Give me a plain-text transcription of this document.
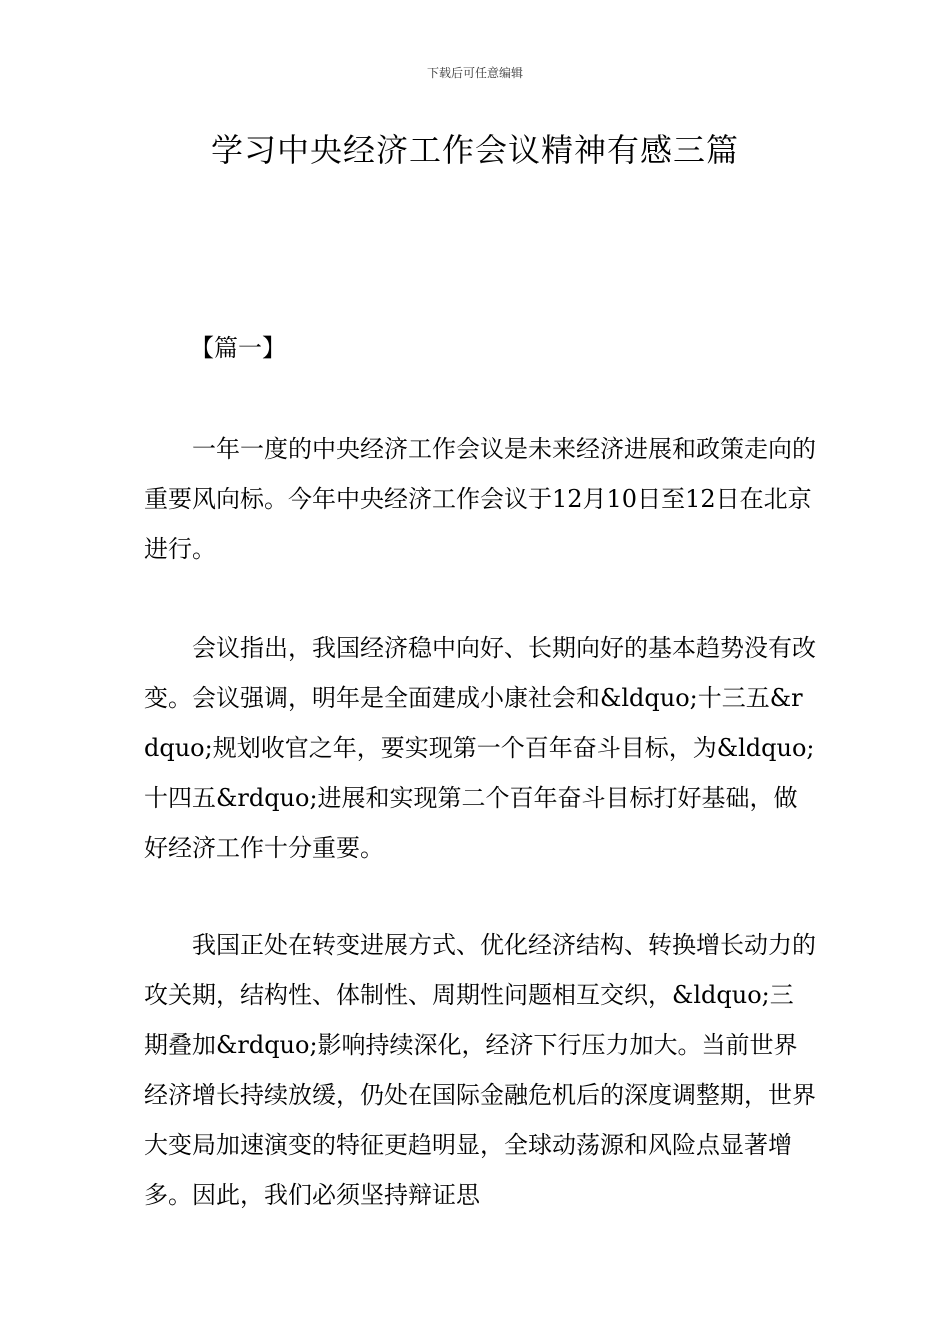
下载后可任意编辑
学习中央经济工作会议精神有感三篇
【篇一】

一年一度的中央经济工作会议是未来经济进展和政策走向的重要风向标。今年中央经济工作会议于12月10日至12日在北京进行。

会议指出，我国经济稳中向好、长期向好的基本趋势没有改变。会议强调，明年是全面建成小康社会和&ldquo;十三五&rdquo;规划收官之年，要实现第一个百年奋斗目标，为&ldquo;十四五&rdquo;进展和实现第二个百年奋斗目标打好基础，做好经济工作十分重要。

我国正处在转变进展方式、优化经济结构、转换增长动力的攻关期，结构性、体制性、周期性问题相互交织，&ldquo;三期叠加&rdquo;影响持续深化，经济下行压力加大。当前世界经济增长持续放缓，仍处在国际金融危机后的深度调整期，世界大变局加速演变的特征更趋明显，全球动荡源和风险点显著增多。因此，我们必须坚持辩证思
